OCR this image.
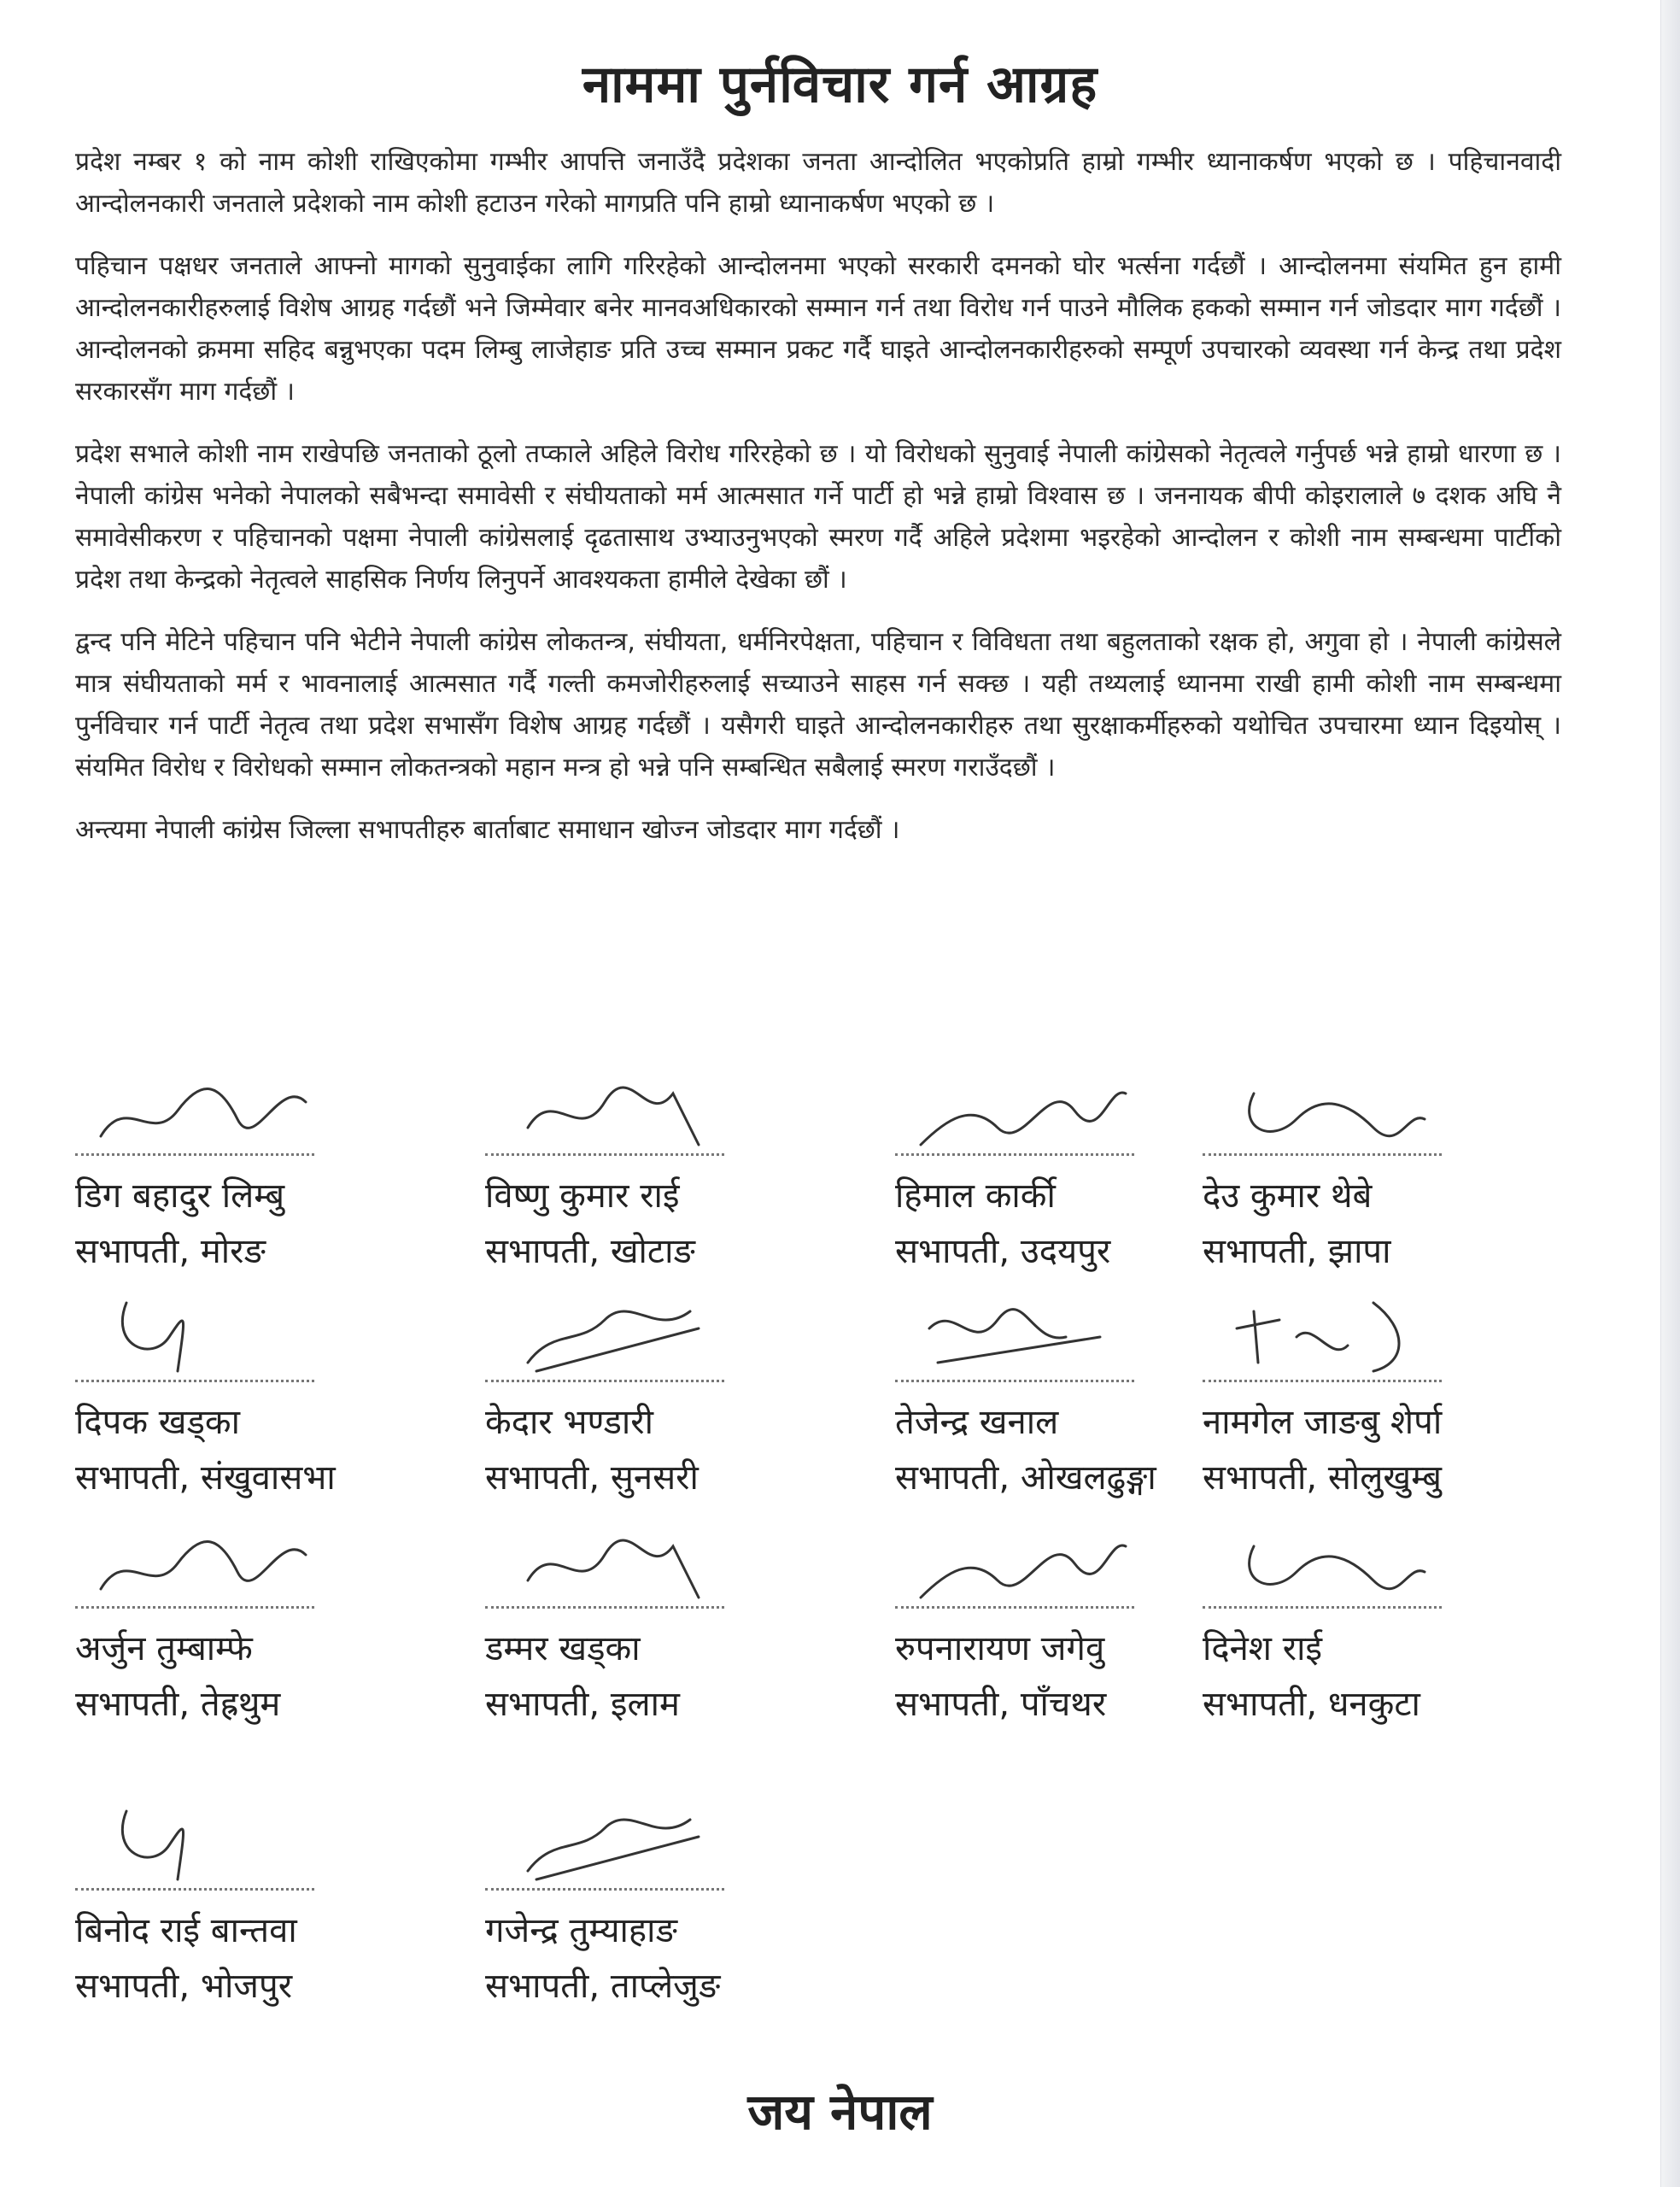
नाममा पुर्नविचार गर्न आग्रह

प्रदेश नम्बर १ को नाम कोशी राखिएकोमा गम्भीर आपत्ति जनाउँदै प्रदेशका जनता आन्दोलित भएकोप्रति हाम्रो गम्भीर ध्यानाकर्षण भएको छ । पहिचानवादी आन्दोलनकारी जनताले प्रदेशको नाम कोशी हटाउन गरेको मागप्रति पनि हाम्रो ध्यानाकर्षण भएको छ ।

पहिचान पक्षधर जनताले आफ्नो मागको सुनुवाईका लागि गरिरहेको आन्दोलनमा भएको सरकारी दमनको घोर भर्त्सना गर्दछौं । आन्दोलनमा संयमित हुन हामी आन्दोलनकारीहरुलाई विशेष आग्रह गर्दछौं भने जिम्मेवार बनेर मानवअधिकारको सम्मान गर्न तथा विरोध गर्न पाउने मौलिक हकको सम्मान गर्न जोडदार माग गर्दछौं । आन्दोलनको क्रममा सहिद बन्नुभएका पदम लिम्बु लाजेहाङ प्रति उच्च सम्मान प्रकट गर्दै घाइते आन्दोलनकारीहरुको सम्पूर्ण उपचारको व्यवस्था गर्न केन्द्र तथा प्रदेश सरकारसँग माग गर्दछौं ।

प्रदेश सभाले कोशी नाम राखेपछि जनताको ठूलो तप्काले अहिले विरोध गरिरहेको छ । यो विरोधको सुनुवाई नेपाली कांग्रेसको नेतृत्वले गर्नुपर्छ भन्ने हाम्रो धारणा छ । नेपाली कांग्रेस भनेको नेपालको सबैभन्दा समावेसी र संघीयताको मर्म आत्मसात गर्ने पार्टी हो भन्ने हाम्रो विश्वास छ । जननायक बीपी कोइरालाले ७ दशक अघि नै समावेसीकरण र पहिचानको पक्षमा नेपाली कांग्रेसलाई दृढतासाथ उभ्याउनुभएको स्मरण गर्दै अहिले प्रदेशमा भइरहेको आन्दोलन र कोशी नाम सम्बन्धमा पार्टीको प्रदेश तथा केन्द्रको नेतृत्वले साहसिक निर्णय लिनुपर्ने आवश्यकता हामीले देखेका छौं ।

द्वन्द पनि मेटिने पहिचान पनि भेटीने नेपाली कांग्रेस लोकतन्त्र, संघीयता, धर्मनिरपेक्षता, पहिचान र विविधता तथा बहुलताको रक्षक हो, अगुवा हो । नेपाली कांग्रेसले मात्र संघीयताको मर्म र भावनालाई आत्मसात गर्दै गल्ती कमजोरीहरुलाई सच्याउने साहस गर्न सक्छ । यही तथ्यलाई ध्यानमा राखी हामी कोशी नाम सम्बन्धमा पुर्नविचार गर्न पार्टी नेतृत्व तथा प्रदेश सभासँग विशेष आग्रह गर्दछौं । यसैगरी घाइते आन्दोलनकारीहरु तथा सुरक्षाकर्मीहरुको यथोचित उपचारमा ध्यान दिइयोस् । संयमित विरोध र विरोधको सम्मान लोकतन्त्रको महान मन्त्र हो भन्ने पनि सम्बन्धित सबैलाई स्मरण गराउँदछौं ।

अन्त्यमा नेपाली कांग्रेस जिल्ला सभापतीहरु बार्ताबाट समाधान खोज्न जोडदार माग गर्दछौं ।

डिग बहादुर लिम्बु
सभापती, मोरङ
विष्णु कुमार राई
सभापती, खोटाङ
हिमाल कार्की
सभापती, उदयपुर
देउ कुमार थेबे
सभापती, झापा
दिपक खड्का
सभापती, संखुवासभा
केदार भण्डारी
सभापती, सुनसरी
तेजेन्द्र खनाल
सभापती, ओखलढुङ्गा
नामगेल जाङबु शेर्पा
सभापती, सोलुखुम्बु
अर्जुन तुम्बाम्फे
सभापती, तेह्रथुम
डम्मर खड्का
सभापती, इलाम
रुपनारायण जगेवु
सभापती, पाँचथर
दिनेश राई
सभापती, धनकुटा
बिनोद राई बान्तवा
सभापती, भोजपुर
गजेन्द्र तुम्याहाङ
सभापती, ताप्लेजुङ
जय नेपाल
